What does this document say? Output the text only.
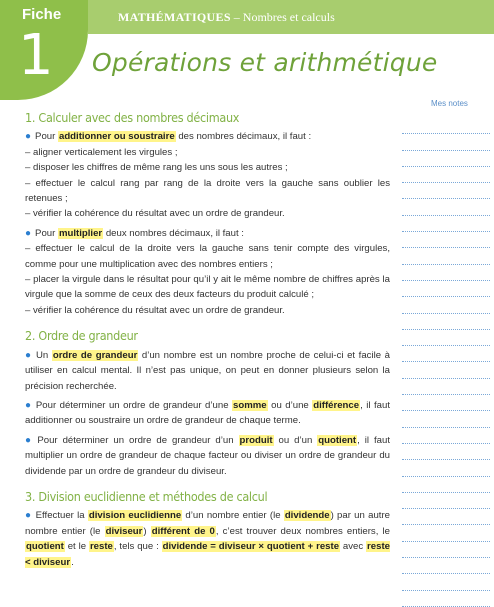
Fiche
1
MATHÉMATIQUES – Nombres et calculs
Opérations et arithmétique
Mes notes
1. Calculer avec des nombres décimaux

● Pour additionner ou soustraire des nombres décimaux, il faut :

– aligner verticalement les virgules ;

– disposer les chiffres de même rang les uns sous les autres ;

– effectuer le calcul rang par rang de la droite vers la gauche sans oublier les retenues ;

– vérifier la cohérence du résultat avec un ordre de grandeur.

● Pour multiplier deux nombres décimaux, il faut :

– effectuer le calcul de la droite vers la gauche sans tenir compte des virgules, comme pour une multiplication avec des nombres entiers ;

– placer la virgule dans le résultat pour qu’il y ait le même nombre de chiffres après la virgule que la somme de ceux des deux facteurs du produit calculé ;

– vérifier la cohérence du résultat avec un ordre de grandeur.

2. Ordre de grandeur

● Un ordre de grandeur d’un nombre est un nombre proche de celui-ci et facile à utiliser en calcul mental. Il n’est pas unique, on peut en donner plusieurs selon la précision recherchée.

● Pour déterminer un ordre de grandeur d’une somme ou d’une différence, il faut additionner ou soustraire un ordre de grandeur de chaque terme.

● Pour déterminer un ordre de grandeur d’un produit ou d’un quotient, il faut multiplier un ordre de grandeur de chaque facteur ou diviser un ordre de grandeur du dividende par un ordre de grandeur du diviseur.

3. Division euclidienne et méthodes de calcul

● Effectuer la division euclidienne d’un nombre entier (le dividende) par un autre nombre entier (le diviseur) différent de 0, c’est trouver deux nombres entiers, le quotient et le reste, tels que : dividende = diviseur × quotient + reste avec reste < diviseur.
